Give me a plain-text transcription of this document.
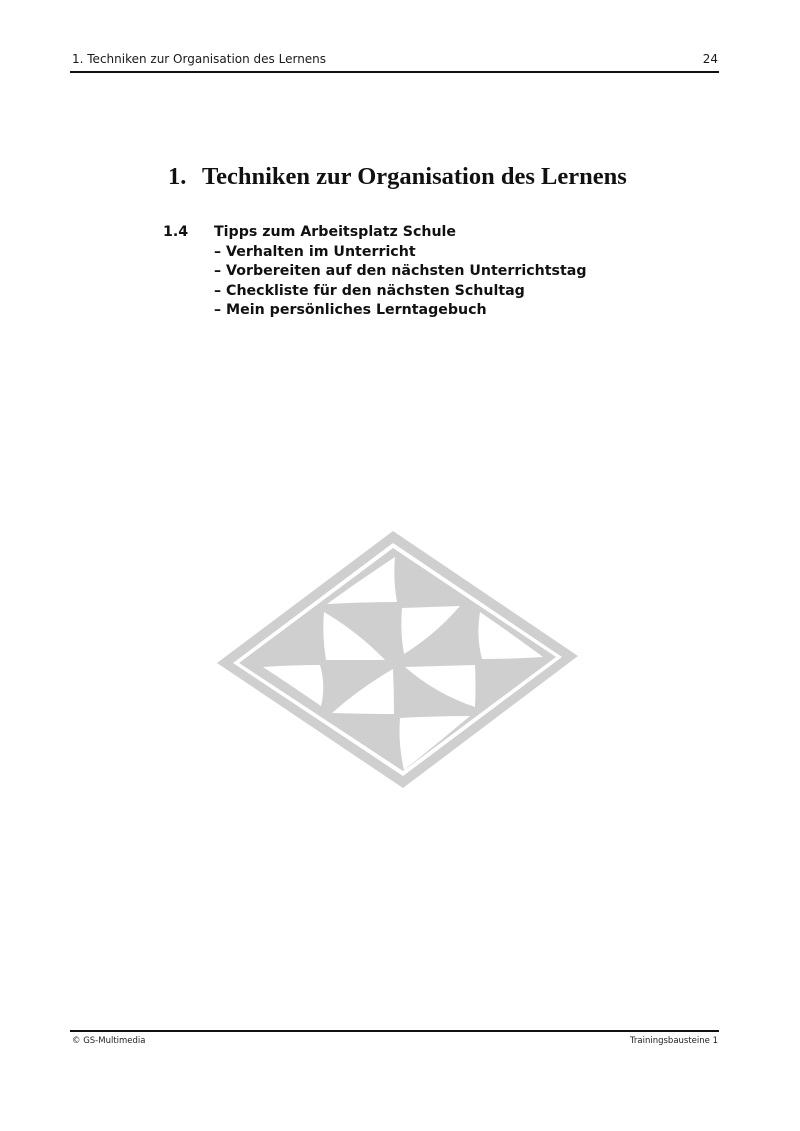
1. Techniken zur Organisation des Lernens	24
1. Techniken zur Organisation des Lernens
1.4	Tipps zum Arbeitsplatz Schule
– Verhalten im Unterricht
– Vorbereiten auf den nächsten Unterrichtstag
– Checkliste für den nächsten Schultag
– Mein persönliches Lerntagebuch
© GS-Multimedia	Trainingsbausteine 1
